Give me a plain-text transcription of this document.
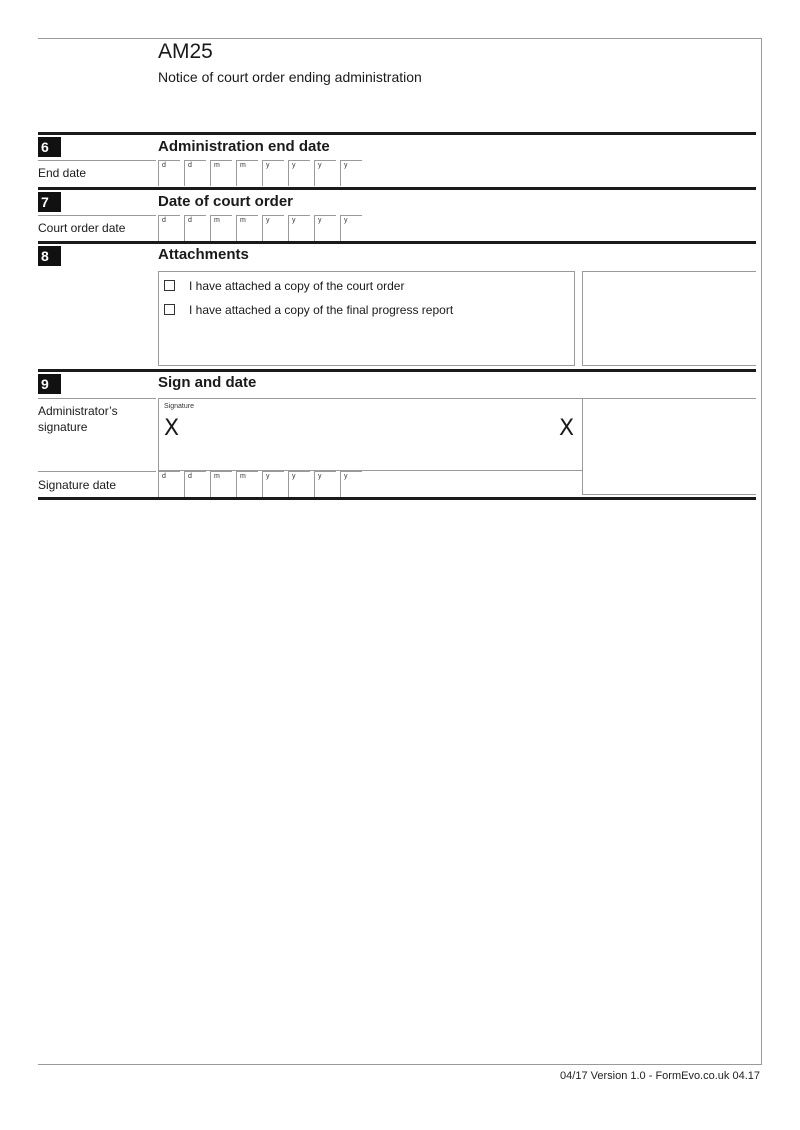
AM25
Notice of court order ending administration
6	Administration end date
End date
d	d	m	m	y	y	y	y
7	Date of court order
Court order date
d	d	m	m	y	y	y	y
8	Attachments
I have attached a copy of the court order
I have attached a copy of the final progress report
9	Sign and date
Administrator’s
signature
Signature
X	X
Signature date
d	d	m	m	y	y	y	y
04/17 Version 1.0 - FormEvo.co.uk 04.17
